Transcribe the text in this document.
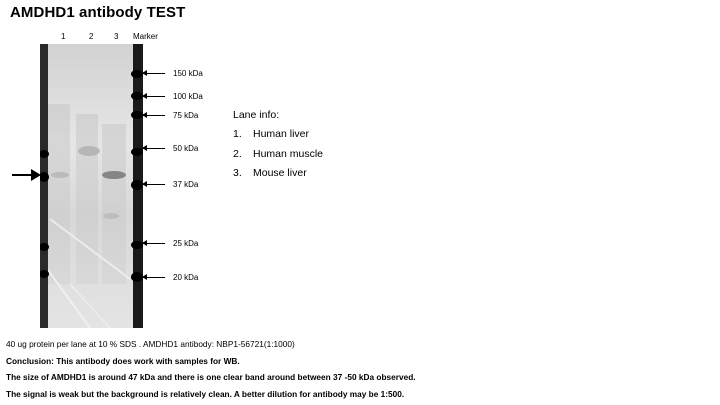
AMDHD1 antibody TEST
1	2	3 Marker
150 kDa
100 kDa
75 kDa
50 kDa
37 kDa
25 kDa
20 kDa
Lane info:
1. Human liver
2. Human muscle
3. Mouse liver
40 ug protein per lane at 10 % SDS . AMDHD1 antibody: NBP1-56721(1:1000)
Conclusion: This antibody does work with samples for WB.
The size of AMDHD1 is around 47 kDa and there is one clear band around between 37 -50 kDa observed.
The signal is weak but the background is relatively clean. A better dilution for antibody may be 1:500.
